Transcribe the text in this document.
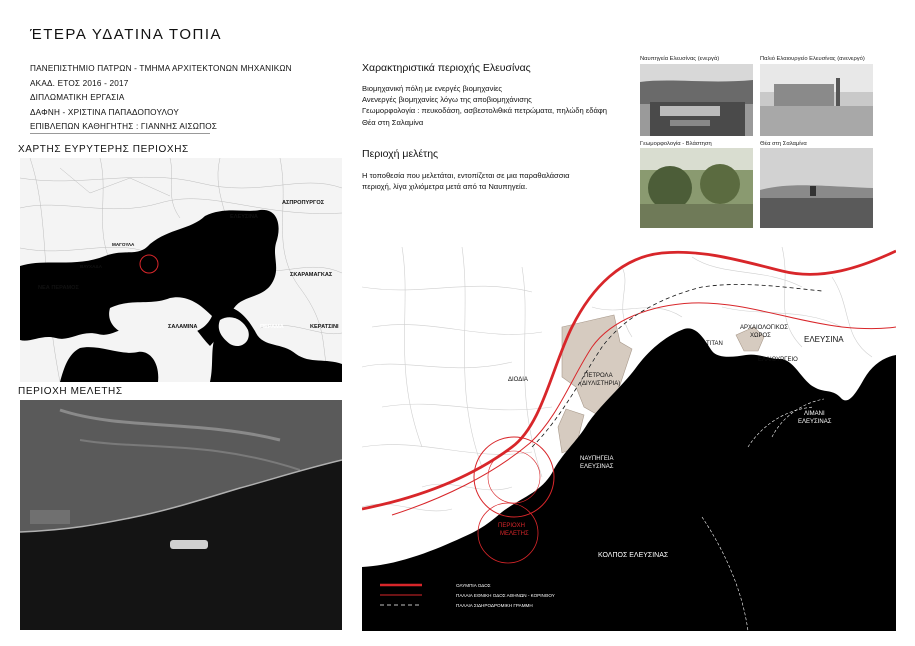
ΈΤΕΡΑ ΥΔΑΤΙΝΑ ΤΟΠΙΑ
ΠΑΝΕΠΙΣΤΗΜΙΟ ΠΑΤΡΩΝ - ΤΜΗΜΑ ΑΡΧΙΤΕΚΤΟΝΩΝ ΜΗΧΑΝΙΚΩΝ
ΑΚΑΔ. ΕΤΟΣ 2016 - 2017
ΔΙΠΛΩΜΑΤΙΚΗ ΕΡΓΑΣΙΑ
ΔΑΦΝΗ - ΧΡΙΣΤΙΝΑ ΠΑΠΑΔΟΠΟΥΛΟΥ
ΕΠΙΒΛΕΠΩΝ ΚΑΘΗΓΗΤΗΣ : ΓΙΑΝΝΗΣ ΑΙΣΩΠΟΣ
ΧΑΡΤΗΣ ΕΥΡΥΤΕΡΗΣ ΠΕΡΙΟΧΗΣ
ΕΛΕΥΣΙΝΑ
ΑΣΠΡΟΠΥΡΓΟΣ
ΜΑΓΟΥΛΑ
ΒΛΥΧΑΔΑ
ΝΕΑ ΠΕΡΑΜΟΣ
ΣΚΑΡΑΜΑΓΚΑΣ
ΣΑΛΑΜΙΝΑ	ΠΕΡΑΜΑ	ΚΕΡΑΤΣΙΝΙ
ΠΕΡΙΟΧΗ ΜΕΛΕΤΗΣ
Χαρακτηριστικά περιοχής Ελευσίνας
Βιομηχανική πόλη με ενεργές βιομηχανίες
Ανενεργές βιομηχανίες λόγω της αποβιομηχάνισης
Γεωμορφολογία : πευκοδάση, ασβεστολιθικά πετρώματα, πηλώδη εδάφη
Θέα στη Σαλαμίνα
Περιοχή μελέτης
Η τοποθεσία που μελετάται, εντοπίζεται σε μια παραθαλάσσια
περιοχή, λίγα χιλιόμετρα μετά από τα Ναυπηγεία.
Ναυπηγεία Ελευσίνας (ενεργά)	Παλιό Ελαιουργείο Ελευσίνας (ανενεργό)
Γεωμορφολογία - Βλάστηση	Θέα στη Σαλαμίνα
ΑΡΧΑΙΟΛΟΓΙΚΟΣ
ΧΩΡΟΣ	ΕΛΕΥΣΙΝΑ
ΤΙΤΑΝ
ΕΛΑΙΟΥΡΓΕΙΟ
ΠΕΤΡΟΛΑ
(ΔΙΥΛΙΣΤΗΡΙΑ)
ΔΙΟΔΙΑ
ΝΑΥΠΗΓΕΙΑ
ΕΛΕΥΣΙΝΑΣ
ΛΙΜΑΝΙ
ΕΛΕΥΣΙΝΑΣ
ΠΕΡΙΟΧΗ
ΜΕΛΕΤΗΣ
ΚΟΛΠΟΣ ΕΛΕΥΣΙΝΑΣ
ΟΛΥΜΠΙΑ ΟΔΟΣ
ΠΑΛΑΙΑ ΕΘΝΙΚΗ ΟΔΟΣ ΑΘΗΝΩΝ - ΚΟΡΙΝΘΟΥ
ΠΑΛΑΙΑ ΣΙΔΗΡΟΔΡΟΜΙΚΗ ΓΡΑΜΜΗ
